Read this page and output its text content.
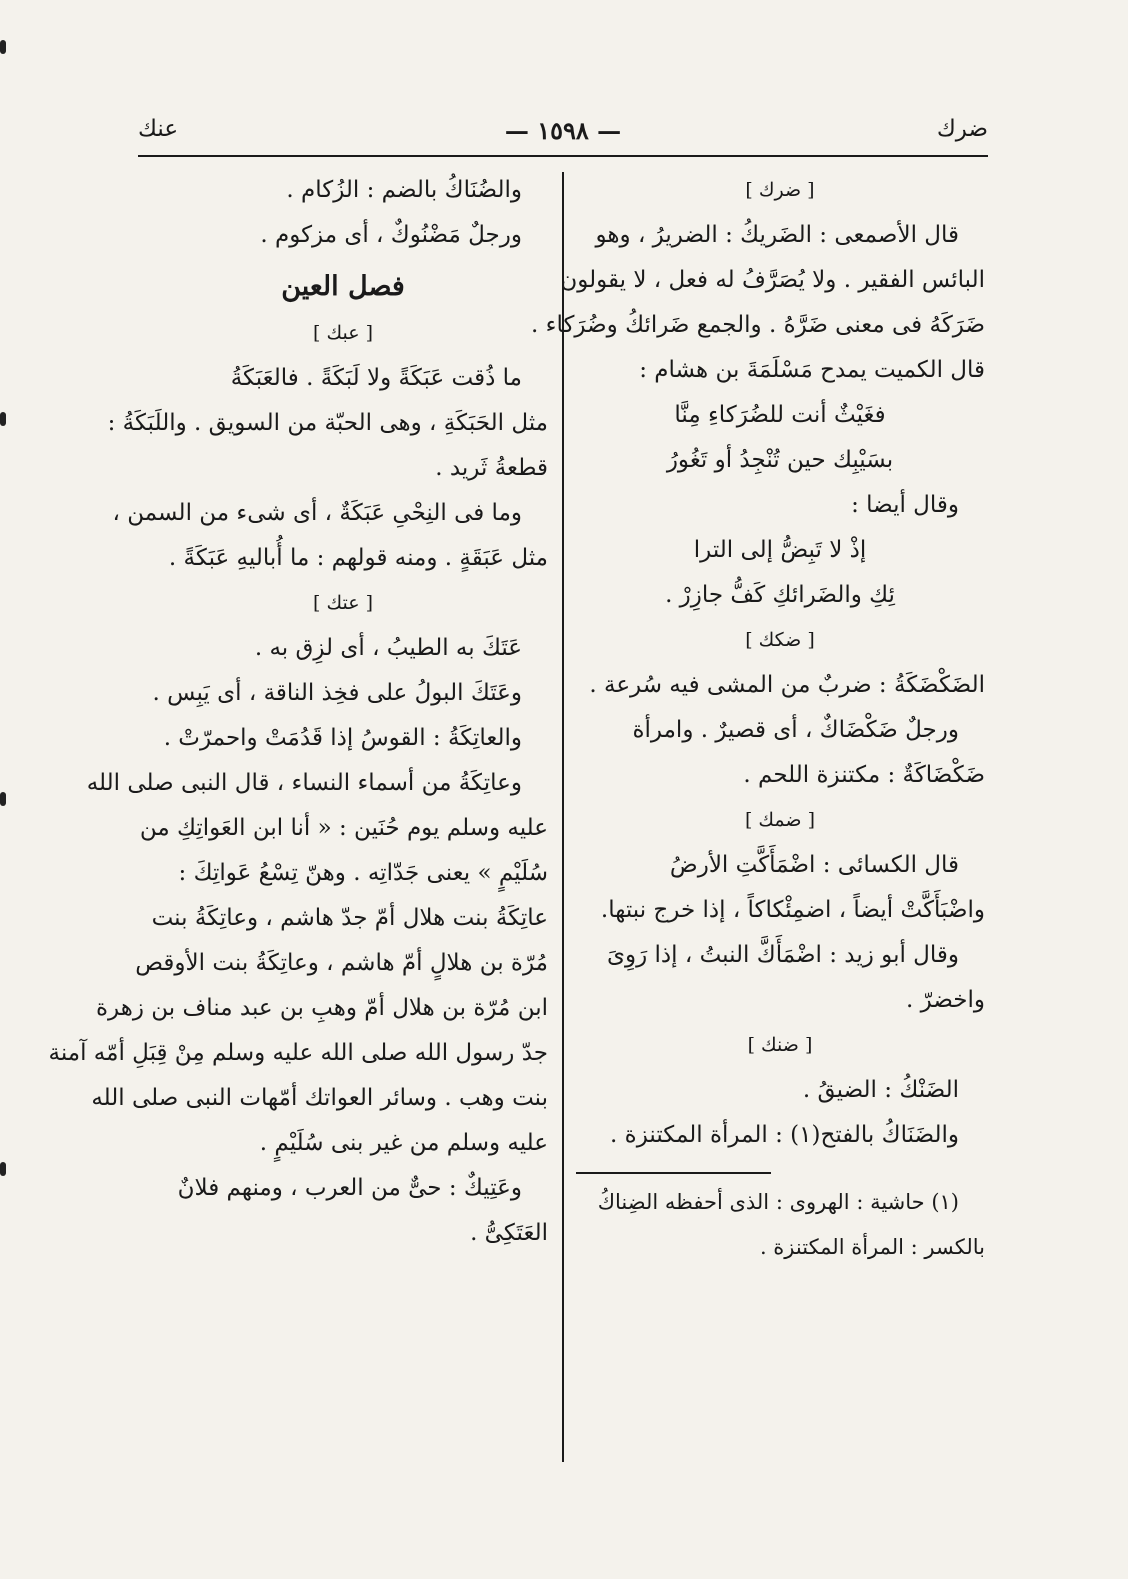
ضرك
— ١٥٩٨ —
عنك

[ ضرك ]

قال الأصمعى : الضَريكُ : الضريرُ ، وهو

البائس الفقير . ولا يُصَرَّفُ له فعل ، لا يقولون

ضَرَكَهُ فى معنى ضَرَّهُ . والجمع ضَرائكُ وضُرَكاء .

قال الكميت يمدح مَسْلَمَةَ بن هشام :

فغَيْثٌ أنت للضُرَكاءِ مِنَّا

بسَيْبِك حين تُنْجِدُ أو تَغُورُ

وقال أيضا :

إذْ لا تَبِضُّ إلى الترا

ئِكِ والضَرائكِ كَفُّ جازِرْ .

[ ضكك ]

الضَكْضَكَةُ : ضربٌ من المشى فيه سُرعة .

ورجلٌ ضَكْضَاكٌ ، أى قصيرٌ . وامرأة

ضَكْضَاكَةٌ : مكتنزة اللحم .

[ ضمك ]

قال الكسائى : اضْمَأَكَّتِ الأرضُ

واضْبَأَكَّتْ أيضاً ، اضمِئْكاكاً ، إذا خرج نبتها.

وقال أبو زيد : اضْمَأَكَّ النبتُ ، إذا رَوِىَ

واخضرّ .

[ ضنك ]

الضَنْكُ : الضيقُ .

والضَنَاكُ بالفتح(١) : المرأة المكتنزة .

(١) حاشية : الهروى : الذى أحفظه الضِناكُ

بالكسر : المرأة المكتنزة .

والضُنَاكُ بالضم : الزُكام .

ورجلٌ مَضْنُوكٌ ، أى مزكوم .

فصل العين

[ عبك ]

ما ذُقت عَبَكَةً ولا لَبَكَةً . فالعَبَكَةُ

مثل الحَبَكَةِ ، وهى الحبّة من السويق . واللَبَكَةُ :

قطعةُ ثَريد .

وما فى النِحْىِ عَبَكَةٌ ، أى شىء من السمن ،

مثل عَبَقَةٍ . ومنه قولهم : ما أُباليهِ عَبَكَةً .

[ عتك ]

عَتَكَ به الطيبُ ، أى لزِق به .

وعَتَكَ البولُ على فخِذ الناقة ، أى يَبِس .

والعاتِكَةُ : القوسُ إذا قَدُمَتْ واحمرّتْ .

وعاتِكَةُ من أسماء النساء ، قال النبى صلى الله

عليه وسلم يوم حُنَين : « أنا ابن العَواتِكِ من

سُلَيْمٍ » يعنى جَدّاتِه . وهنّ تِسْعُ عَواتِكَ :

عاتِكَةُ بنت هلال أمّ جدّ هاشم ، وعاتِكَةُ بنت

مُرّة بن هلالٍ أمّ هاشم ، وعاتِكَةُ بنت الأوقص

ابن مُرّة بن هلال أمّ وهبِ بن عبد مناف بن زهرة

جدّ رسول الله صلى الله عليه وسلم مِنْ قِبَلِ أمّه آمنة

بنت وهب . وسائر العواتك أمّهات النبى صلى الله

عليه وسلم من غير بنى سُلَيْمٍ .

وعَتِيكٌ : حىٌّ من العرب ، ومنهم فلانٌ

العَتَكِىُّ .
